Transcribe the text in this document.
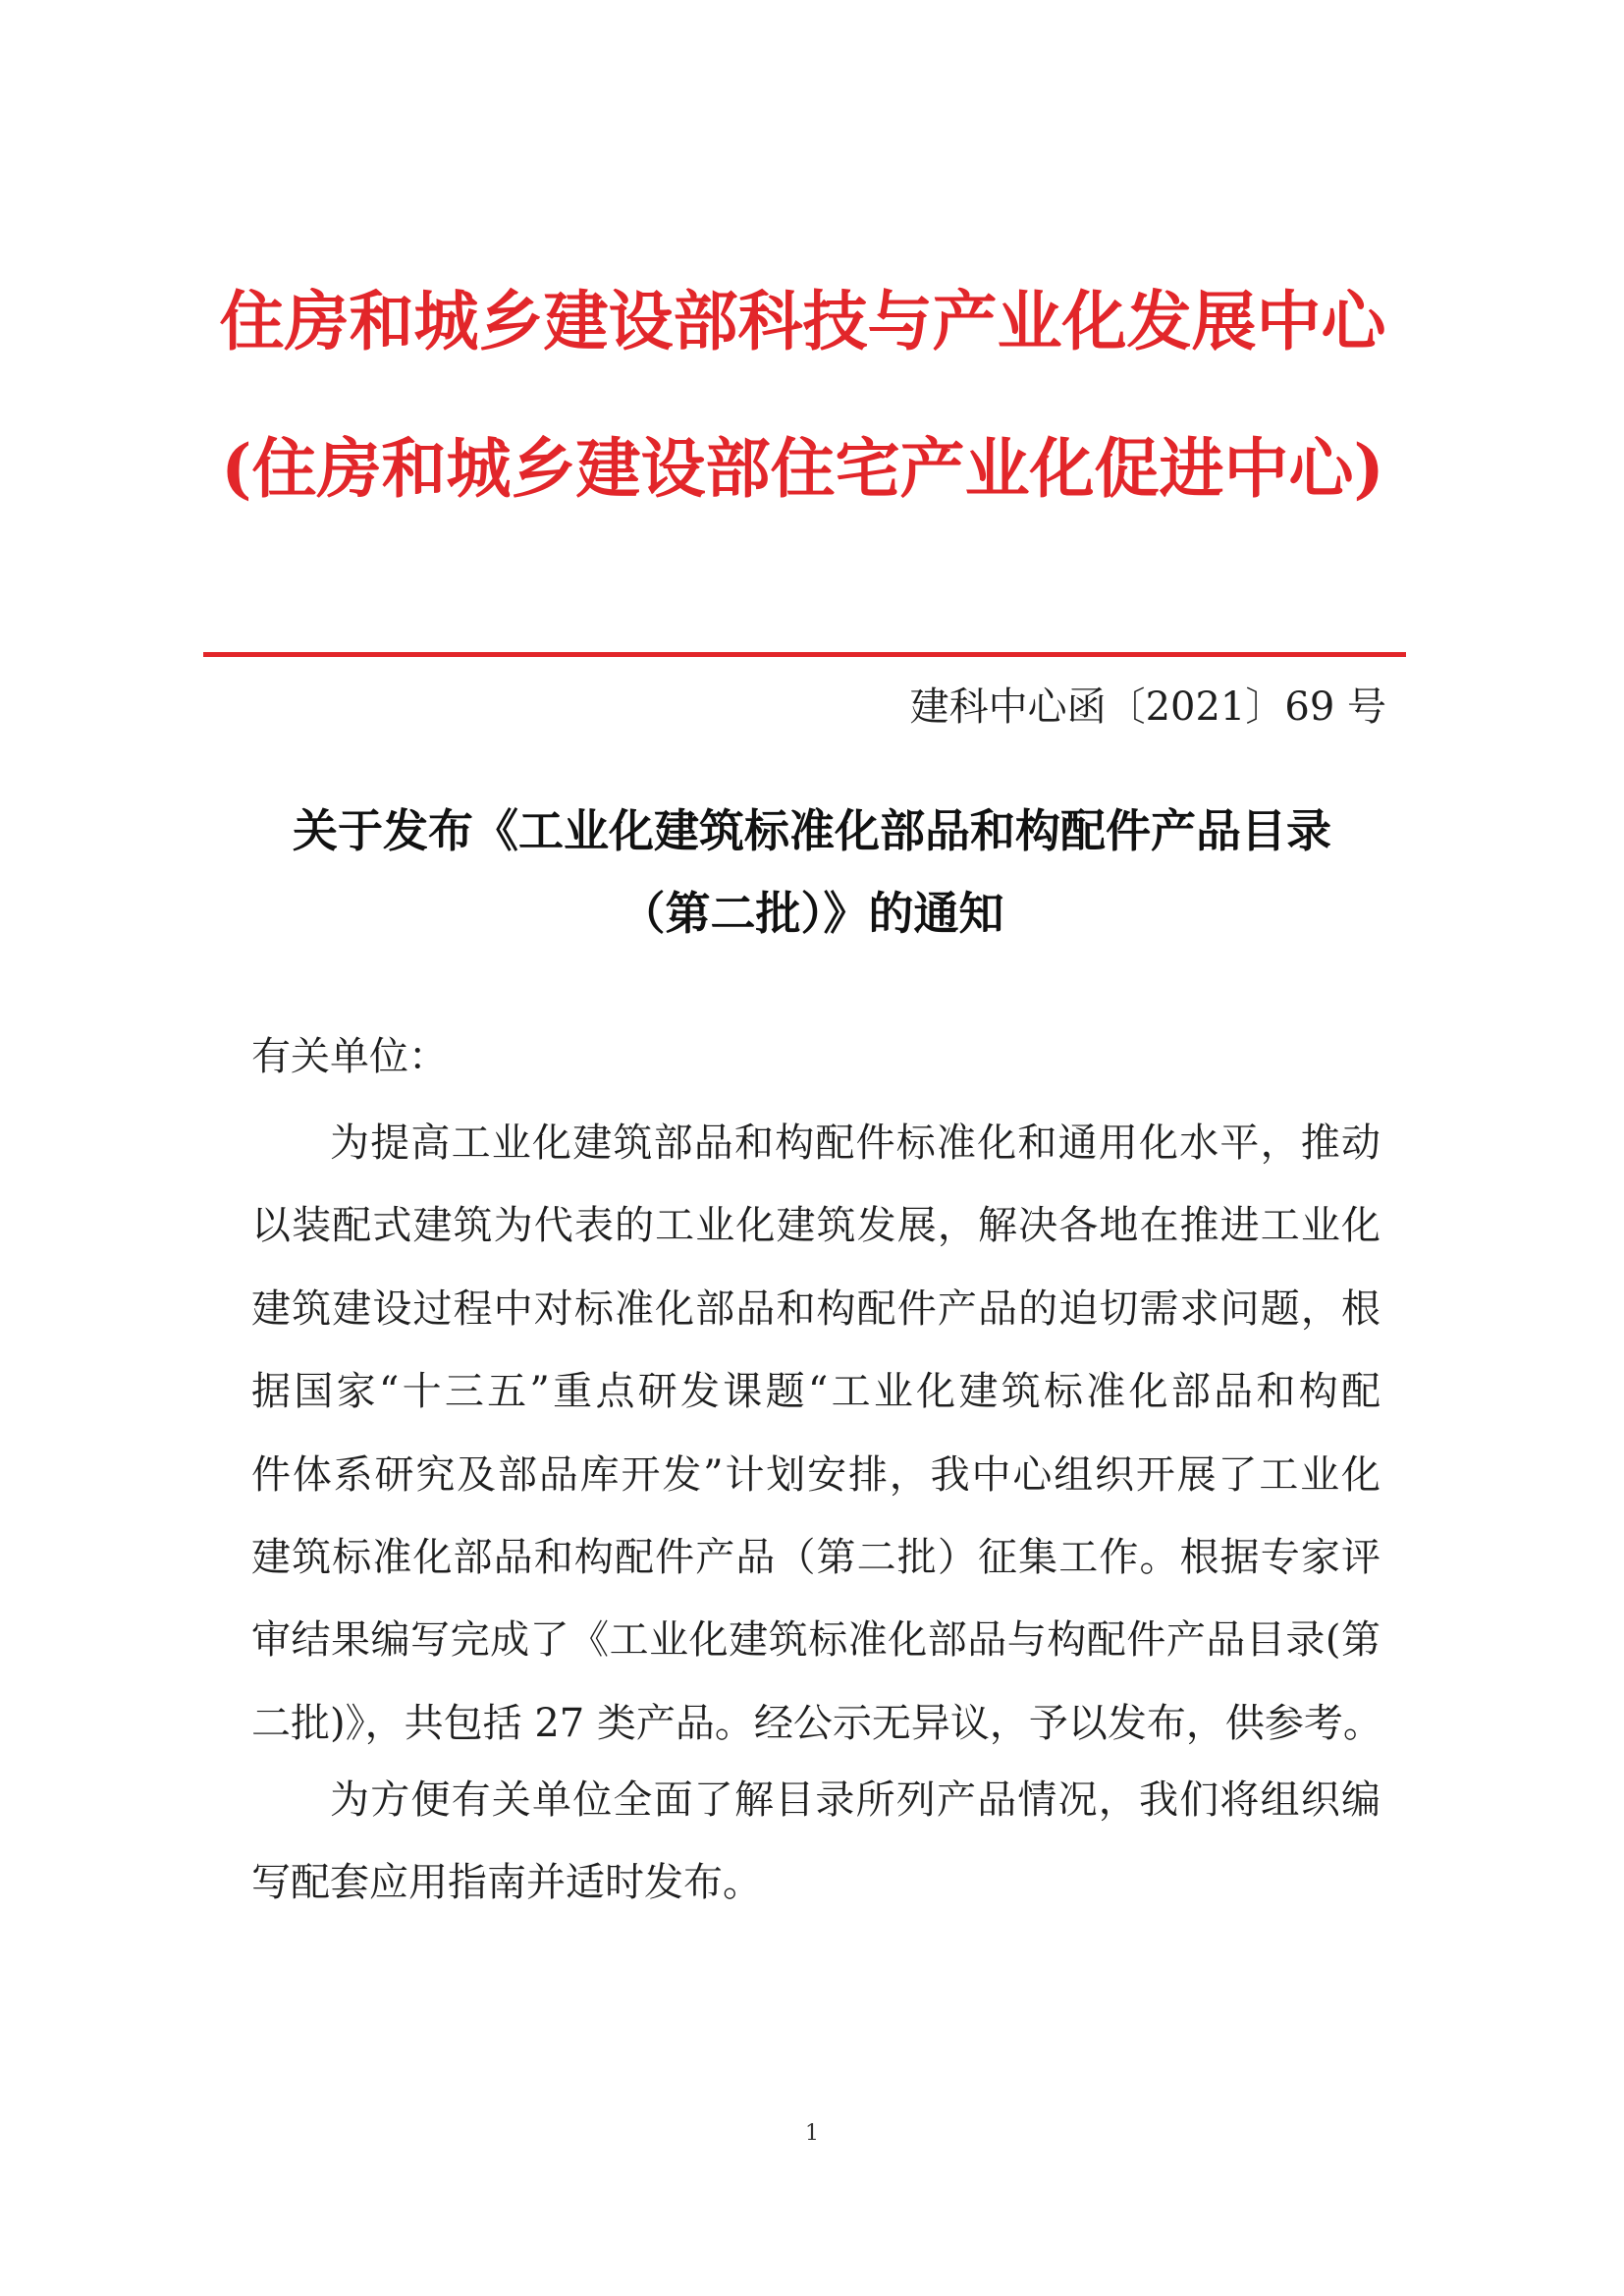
住房和城乡建设部科技与产业化发展中心
(住房和城乡建设部住宅产业化促进中心)
建科中心函〔2021〕69 号
关于发布《工业化建筑标准化部品和构配件产品目录
（第二批）》的通知
有关单位：
为提高工业化建筑部品和构配件标准化和通用化水平，推动
以装配式建筑为代表的工业化建筑发展，解决各地在推进工业化
建筑建设过程中对标准化部品和构配件产品的迫切需求问题，根
据国家“十三五”重点研发课题“工业化建筑标准化部品和构配
件体系研究及部品库开发”计划安排，我中心组织开展了工业化
建筑标准化部品和构配件产品（第二批）征集工作。根据专家评
审结果编写完成了《工业化建筑标准化部品与构配件产品目录(第
二批)》，共包括 27 类产品。经公示无异议，予以发布，供参考。
为方便有关单位全面了解目录所列产品情况，我们将组织编
写配套应用指南并适时发布。
1
